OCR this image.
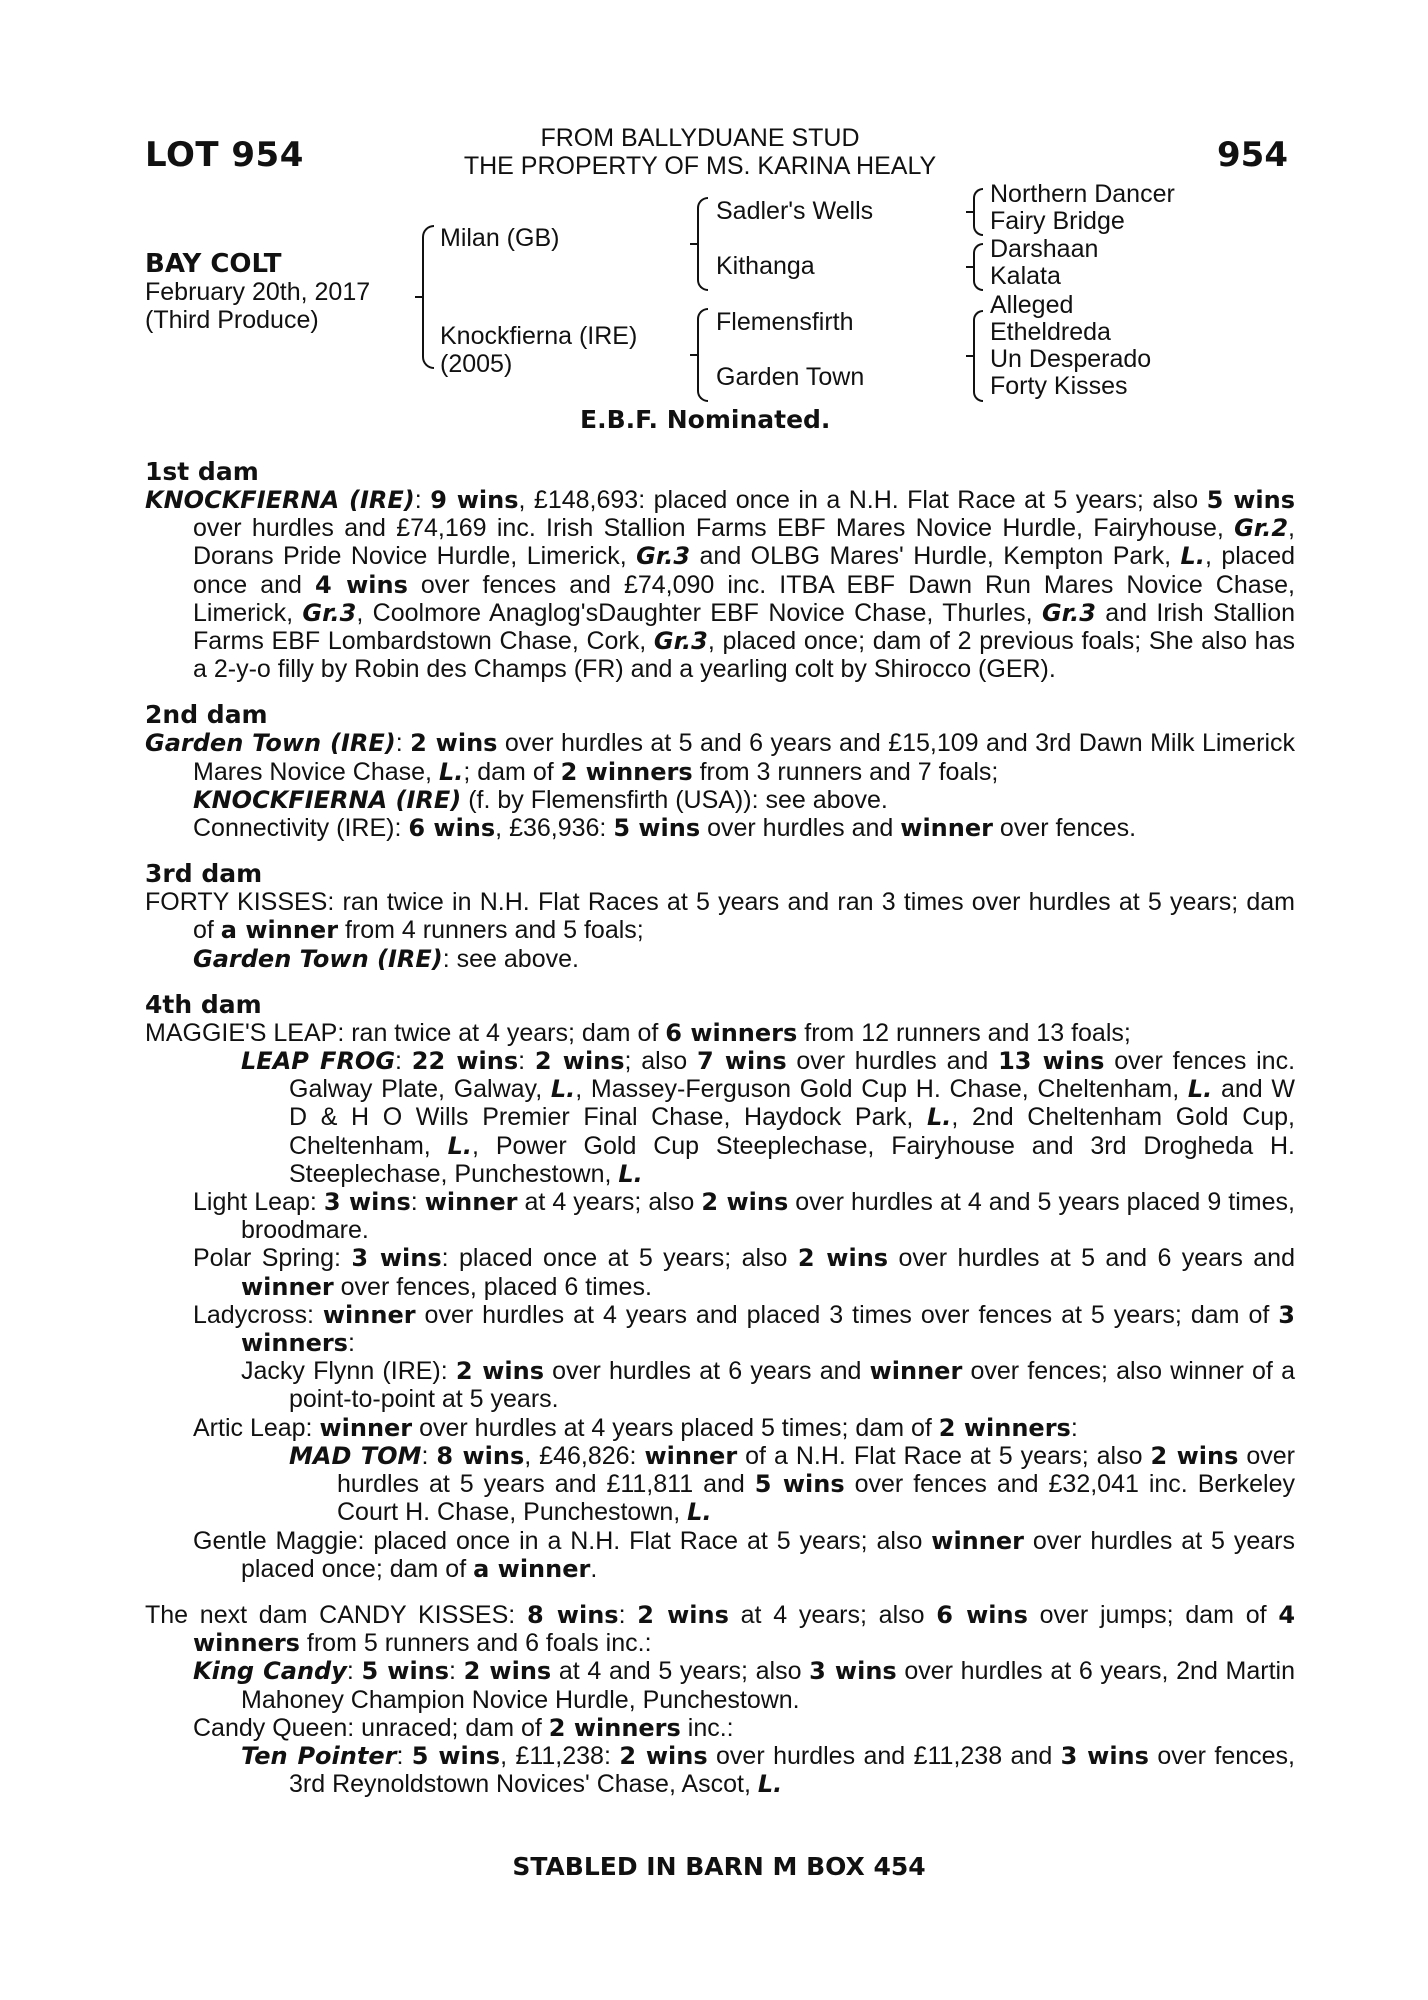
LOT 954	FROM BALLYDUANE STUD
THE PROPERTY OF MS. KARINA HEALY	954
BAY COLT
February 20th, 2017
(Third Produce)
Milan (GB)
Knockfierna (IRE)
(2005)
Sadler's Wells
Kithanga
Flemensfirth
Garden Town
Northern Dancer
Fairy Bridge
Darshaan
Kalata
Alleged
Etheldreda
Un Desperado
Forty Kisses
E.B.F. Nominated.
1st dam

KNOCKFIERNA (IRE): 9 wins, £148,693: placed once in a N.H. Flat Race at 5 years; also 5 wins over hurdles and £74,169 inc. Irish Stallion Farms EBF Mares Novice Hurdle, Fairyhouse, Gr.2, Dorans Pride Novice Hurdle, Limerick, Gr.3 and OLBG Mares' Hurdle, Kempton Park, L., placed once and 4 wins over fences and £74,090 inc. ITBA EBF Dawn Run Mares Novice Chase, Limerick, Gr.3, Coolmore Anaglog'sDaughter EBF Novice Chase, Thurles, Gr.3 and Irish Stallion Farms EBF Lombardstown Chase, Cork, Gr.3, placed once; dam of 2 previous foals; She also has a 2-y-o filly by Robin des Champs (FR) and a yearling colt by Shirocco (GER).

2nd dam

Garden Town (IRE): 2 wins over hurdles at 5 and 6 years and £15,109 and 3rd Dawn Milk Limerick Mares Novice Chase, L.; dam of 2 winners from 3 runners and 7 foals;

KNOCKFIERNA (IRE) (f. by Flemensfirth (USA)): see above.

Connectivity (IRE): 6 wins, £36,936: 5 wins over hurdles and winner over fences.

3rd dam

FORTY KISSES: ran twice in N.H. Flat Races at 5 years and ran 3 times over hurdles at 5 years; dam of a winner from 4 runners and 5 foals;

Garden Town (IRE): see above.

4th dam

MAGGIE'S LEAP: ran twice at 4 years; dam of 6 winners from 12 runners and 13 foals;

LEAP FROG: 22 wins: 2 wins; also 7 wins over hurdles and 13 wins over fences inc. Galway Plate, Galway, L., Massey-Ferguson Gold Cup H. Chase, Cheltenham, L. and W D & H O Wills Premier Final Chase, Haydock Park, L., 2nd Cheltenham Gold Cup, Cheltenham, L., Power Gold Cup Steeplechase, Fairyhouse and 3rd Drogheda H. Steeplechase, Punchestown, L.

Light Leap: 3 wins: winner at 4 years; also 2 wins over hurdles at 4 and 5 years placed 9 times, broodmare.

Polar Spring: 3 wins: placed once at 5 years; also 2 wins over hurdles at 5 and 6 years and winner over fences, placed 6 times.

Ladycross: winner over hurdles at 4 years and placed 3 times over fences at 5 years; dam of 3 winners:

Jacky Flynn (IRE): 2 wins over hurdles at 6 years and winner over fences; also winner of a point-to-point at 5 years.

Artic Leap: winner over hurdles at 4 years placed 5 times; dam of 2 winners:

MAD TOM: 8 wins, £46,826: winner of a N.H. Flat Race at 5 years; also 2 wins over hurdles at 5 years and £11,811 and 5 wins over fences and £32,041 inc. Berkeley Court H. Chase, Punchestown, L.

Gentle Maggie: placed once in a N.H. Flat Race at 5 years; also winner over hurdles at 5 years placed once; dam of a winner.

The next dam CANDY KISSES: 8 wins: 2 wins at 4 years; also 6 wins over jumps; dam of 4 winners from 5 runners and 6 foals inc.:

King Candy: 5 wins: 2 wins at 4 and 5 years; also 3 wins over hurdles at 6 years, 2nd Martin Mahoney Champion Novice Hurdle, Punchestown.

Candy Queen: unraced; dam of 2 winners inc.:

Ten Pointer: 5 wins, £11,238: 2 wins over hurdles and £11,238 and 3 wins over fences, 3rd Reynoldstown Novices' Chase, Ascot, L.

STABLED IN BARN M BOX 454
